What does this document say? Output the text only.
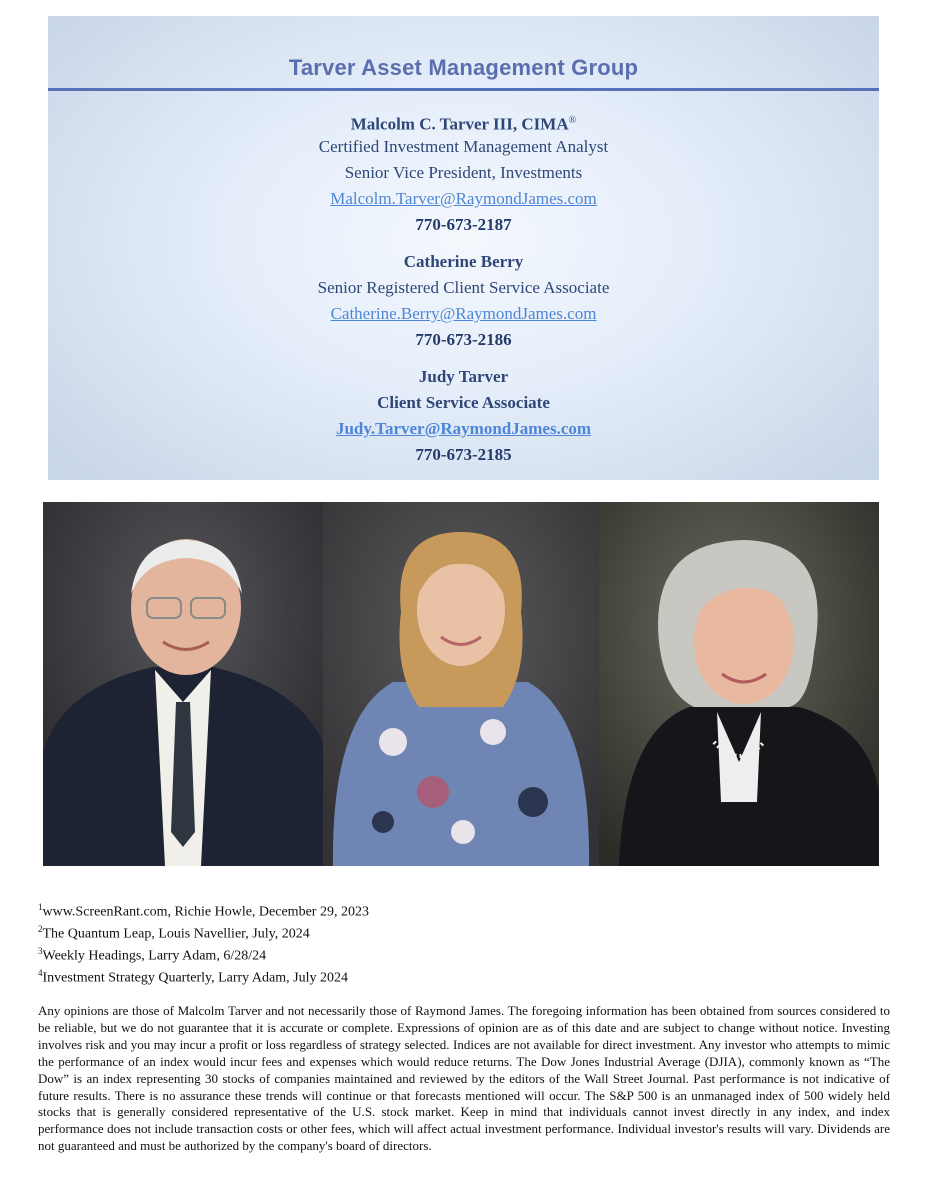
Tarver Asset Management Group
Malcolm C. Tarver III, CIMA®
Certified Investment Management Analyst
Senior Vice President, Investments
Malcolm.Tarver@RaymondJames.com
770-673-2187
Catherine Berry
Senior Registered Client Service Associate
Catherine.Berry@RaymondJames.com
770-673-2186
Judy Tarver
Client Service Associate
Judy.Tarver@RaymondJames.com
770-673-2185
$^1$www.ScreenRant.com, Richie Howle, December 29, 2023
$^2$The Quantum Leap, Louis Navellier, July, 2024
$^3$Weekly Headings, Larry Adam, 6/28/24
$^4$Investment Strategy Quarterly, Larry Adam, July 2024
Any opinions are those of Malcolm Tarver and not necessarily those of Raymond James. The foregoing information has been obtained from sources considered to be reliable, but we do not guarantee that it is accurate or complete. Expressions of opinion are as of this date and are subject to change without notice. Investing involves risk and you may incur a profit or loss regardless of strategy selected. Indices are not available for direct investment. Any investor who attempts to mimic the performance of an index would incur fees and expenses which would reduce returns. The Dow Jones Industrial Average (DJIA), commonly known as “The Dow” is an index representing 30 stocks of companies maintained and reviewed by the editors of the Wall Street Journal. Past performance is not indicative of future results. There is no assurance these trends will continue or that forecasts mentioned will occur. The S&P 500 is an unmanaged index of 500 widely held stocks that is generally considered representative of the U.S. stock market. Keep in mind that individuals cannot invest directly in any index, and index performance does not include transaction costs or other fees, which will affect actual investment performance. Individual investor's results will vary. Dividends are not guaranteed and must be authorized by the company's board of directors.
